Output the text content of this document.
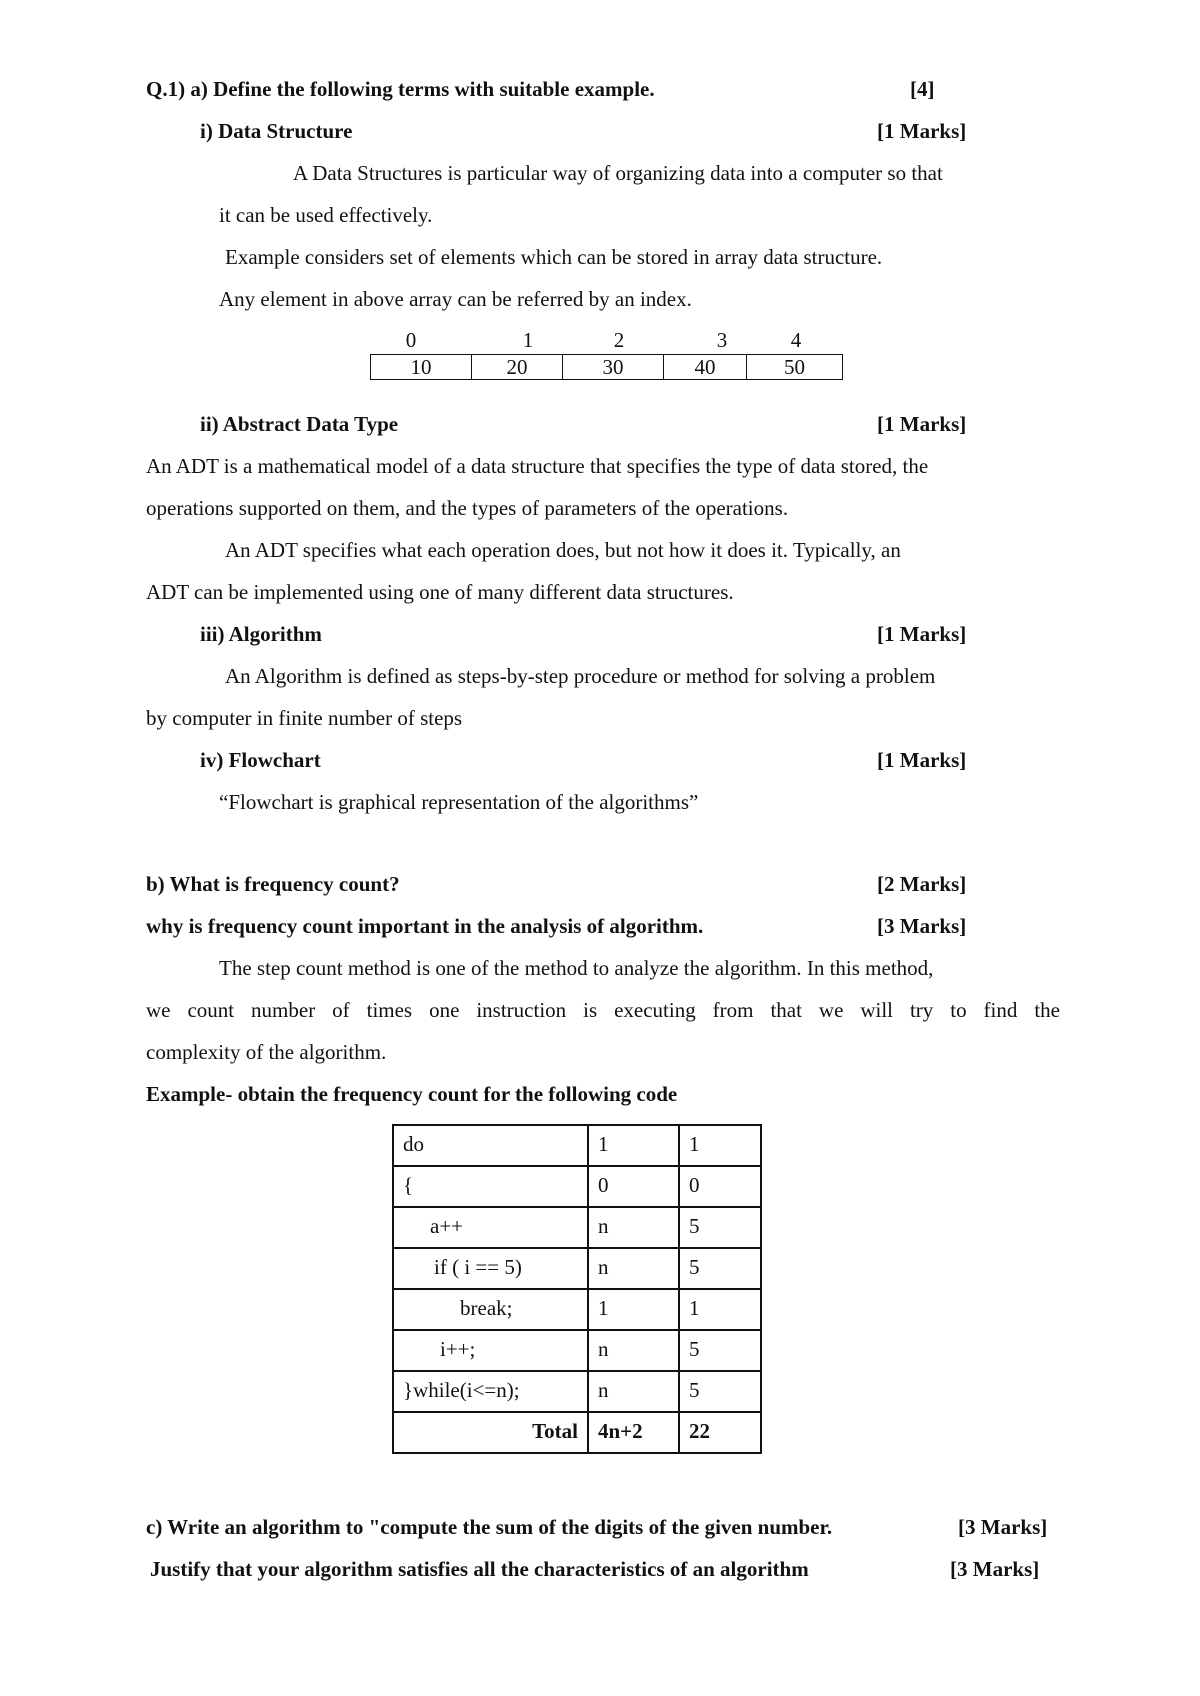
Q.1) a) Define the following terms with suitable example.	[4]
i) Data Structure	[1 Marks]
A Data Structures is particular way of organizing data into a computer so that
it can be used effectively.
Example considers set of elements which can be stored in array data structure.
Any element in above array can be referred by an index.
0	1	2	3	4
10	20	30	40	50
ii) Abstract Data Type	[1 Marks]
An ADT is a mathematical model of a data structure that specifies the type of data stored, the
operations supported on them, and the types of parameters of the operations.
An ADT specifies what each operation does, but not how it does it. Typically, an
ADT can be implemented using one of many different data structures.
iii) Algorithm	[1 Marks]
An Algorithm is defined as steps-by-step procedure or method for solving a problem
by computer in finite number of steps
iv) Flowchart	[1 Marks]
“Flowchart is graphical representation of the algorithms”
b) What is frequency count?	[2 Marks]
why is frequency count important in the analysis of algorithm.	[3 Marks]
The step count method is one of the method to analyze the algorithm. In this method,
we count number of times one instruction is executing from that we will try to find the
complexity of the algorithm.
Example- obtain the frequency count for the following code
do	1	1
{	0	0
a++	n	5
if ( i == 5)	n	5
break;	1	1
i++;	n	5
}while(i<=n);	n	5
Total	4n+2	22
c) Write an algorithm to "compute the sum of the digits of the given number.	[3 Marks]
Justify that your algorithm satisfies all the characteristics of an algorithm	[3 Marks]
